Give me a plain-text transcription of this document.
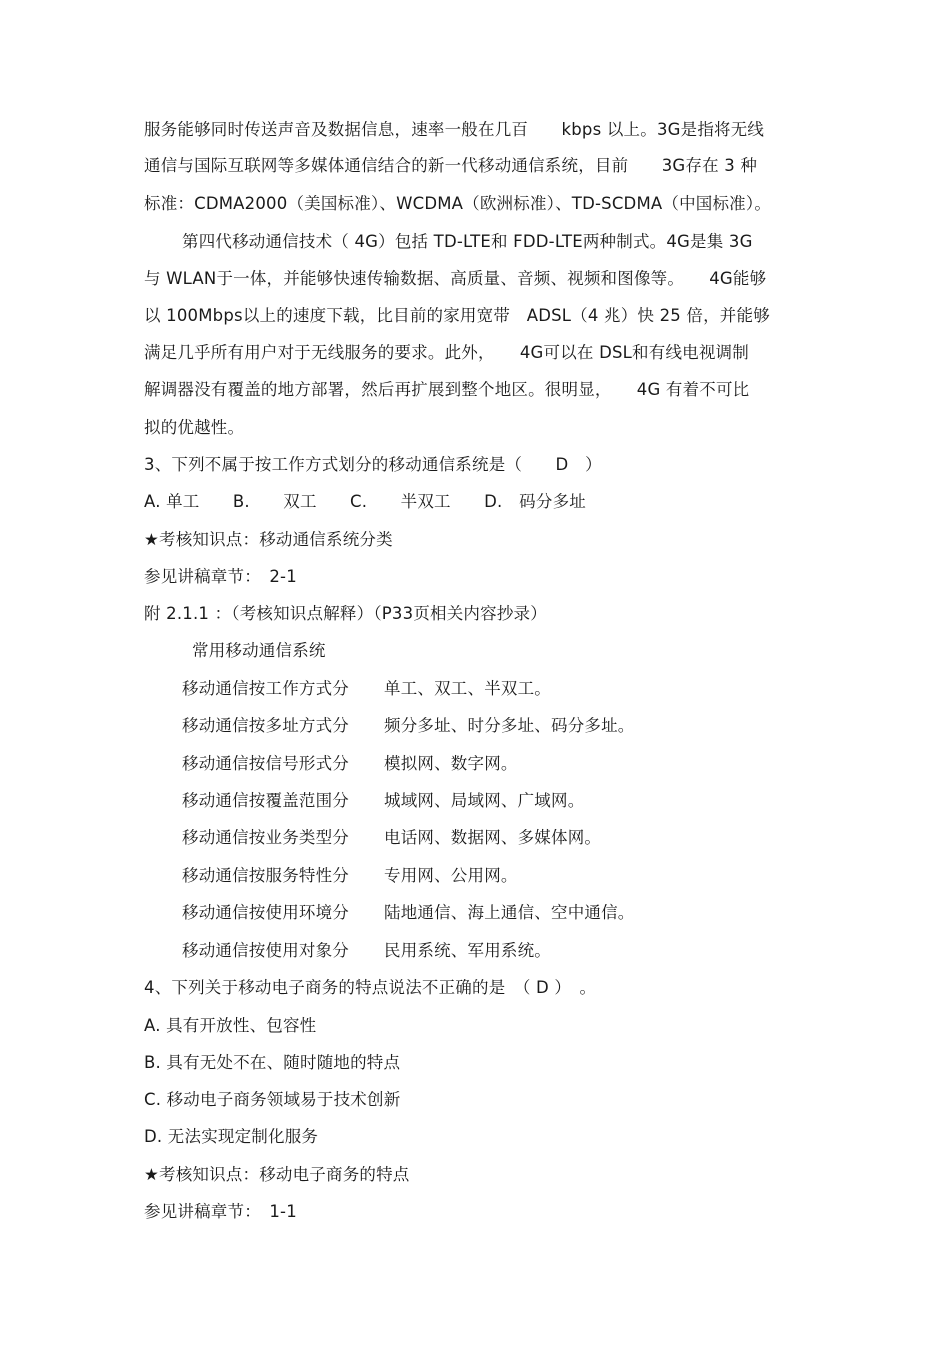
服务能够同时传送声音及数据信息，速率一般在几百　　kbps 以上。3G是指将无线
通信与国际互联网等多媒体通信结合的新一代移动通信系统，目前　　3G存在 3 种
标准：CDMA2000（美国标准）、WCDMA（欧洲标准）、TD-SCDMA（中国标准）。
第四代移动通信技术（ 4G）包括 TD-LTE和 FDD-LTE两种制式。4G是集 3G
与 WLAN于一体，并能够快速传输数据、高质量、音频、视频和图像等。　　4G能够
以 100Mbps以上的速度下载，比目前的家用宽带　ADSL（4 兆）快 25 倍，并能够
满足几乎所有用户对于无线服务的要求。此外，　　4G可以在 DSL和有线电视调制
解调器没有覆盖的地方部署，然后再扩展到整个地区。很明显，　　4G 有着不可比
拟的优越性。
3、下列不属于按工作方式划分的移动通信系统是（　　D　）
A. 单工　　B.　　双工　　C.　　半双工　　D.　码分多址
★考核知识点：移动通信系统分类
参见讲稿章节：　2-1
附 2.1.1 ：（考核知识点解释）（P33页相关内容抄录）
常用移动通信系统
移动通信按工作方式分 单工、双工、半双工。
移动通信按多址方式分 频分多址、时分多址、码分多址。
移动通信按信号形式分 模拟网、数字网。
移动通信按覆盖范围分 城域网、局域网、广域网。
移动通信按业务类型分 电话网、数据网、多媒体网。
移动通信按服务特性分 专用网、公用网。
移动通信按使用环境分 陆地通信、海上通信、空中通信。
移动通信按使用对象分 民用系统、军用系统。
4、下列关于移动电子商务的特点说法不正确的是　（ D ）　。
A. 具有开放性、包容性
B. 具有无处不在、随时随地的特点
C. 移动电子商务领域易于技术创新
D. 无法实现定制化服务
★考核知识点：移动电子商务的特点
参见讲稿章节：　1-1
